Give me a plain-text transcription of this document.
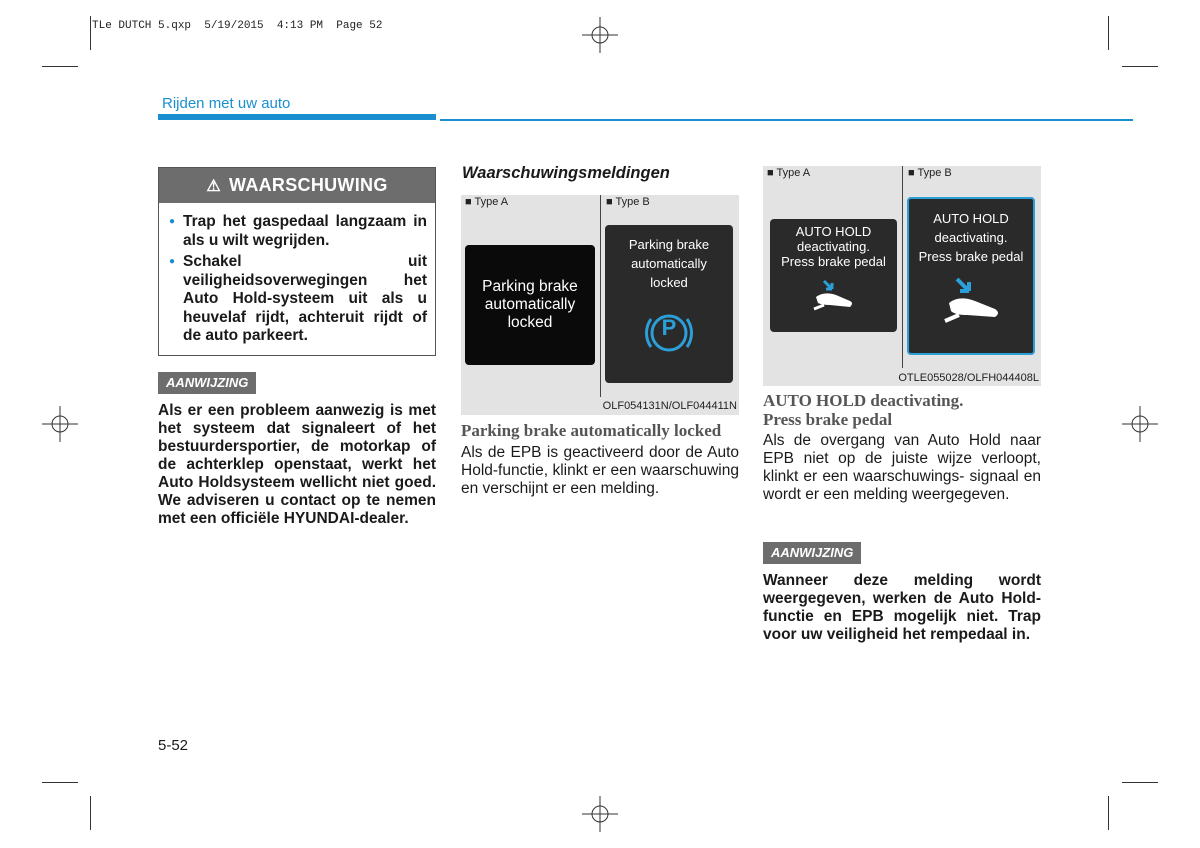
TLe DUTCH 5.qxp  5/19/2015  4:13 PM  Page 52
Rijden met uw auto
⚠ WAARSCHUWING
● Trap het gaspedaal langzaam in als u wilt wegrijden.
● Schakel uit veiligheidsoverwegingen het Auto Hold-systeem uit als u heuvelaf rijdt, achteruit rijdt of de auto parkeert.
AANWIJZING
Als er een probleem aanwezig is met het systeem dat signaleert of het bestuurdersportier, de motorkap of de achterklep openstaat, werkt het Auto Holdsysteem wellicht niet goed. We adviseren u contact op te nemen met een officiële HYUNDAI-dealer.
Waarschuwingsmeldingen
■ Type A	■ Type B
Parking brake
automatically
locked
Parking brake
automatically
locked
P
OLF054131N/OLF044411N
Parking brake automatically locked
Als de EPB is geactiveerd door de Auto Hold-functie, klinkt er een waarschuwing en verschijnt er een melding.
■ Type A	■ Type B
AUTO HOLD
deactivating.
Press brake pedal
AUTO HOLD
deactivating.
Press brake pedal
OTLE055028/OLFH044408L
AUTO HOLD deactivating.
Press brake pedal
Als de overgang van Auto Hold naar EPB niet op de juiste wijze verloopt, klinkt er een waarschuwings- signaal en wordt er een melding weergegeven.
AANWIJZING
Wanneer deze melding wordt weergegeven, werken de Auto Hold-functie en EPB mogelijk niet. Trap voor uw veiligheid het rempedaal in.
5-52
